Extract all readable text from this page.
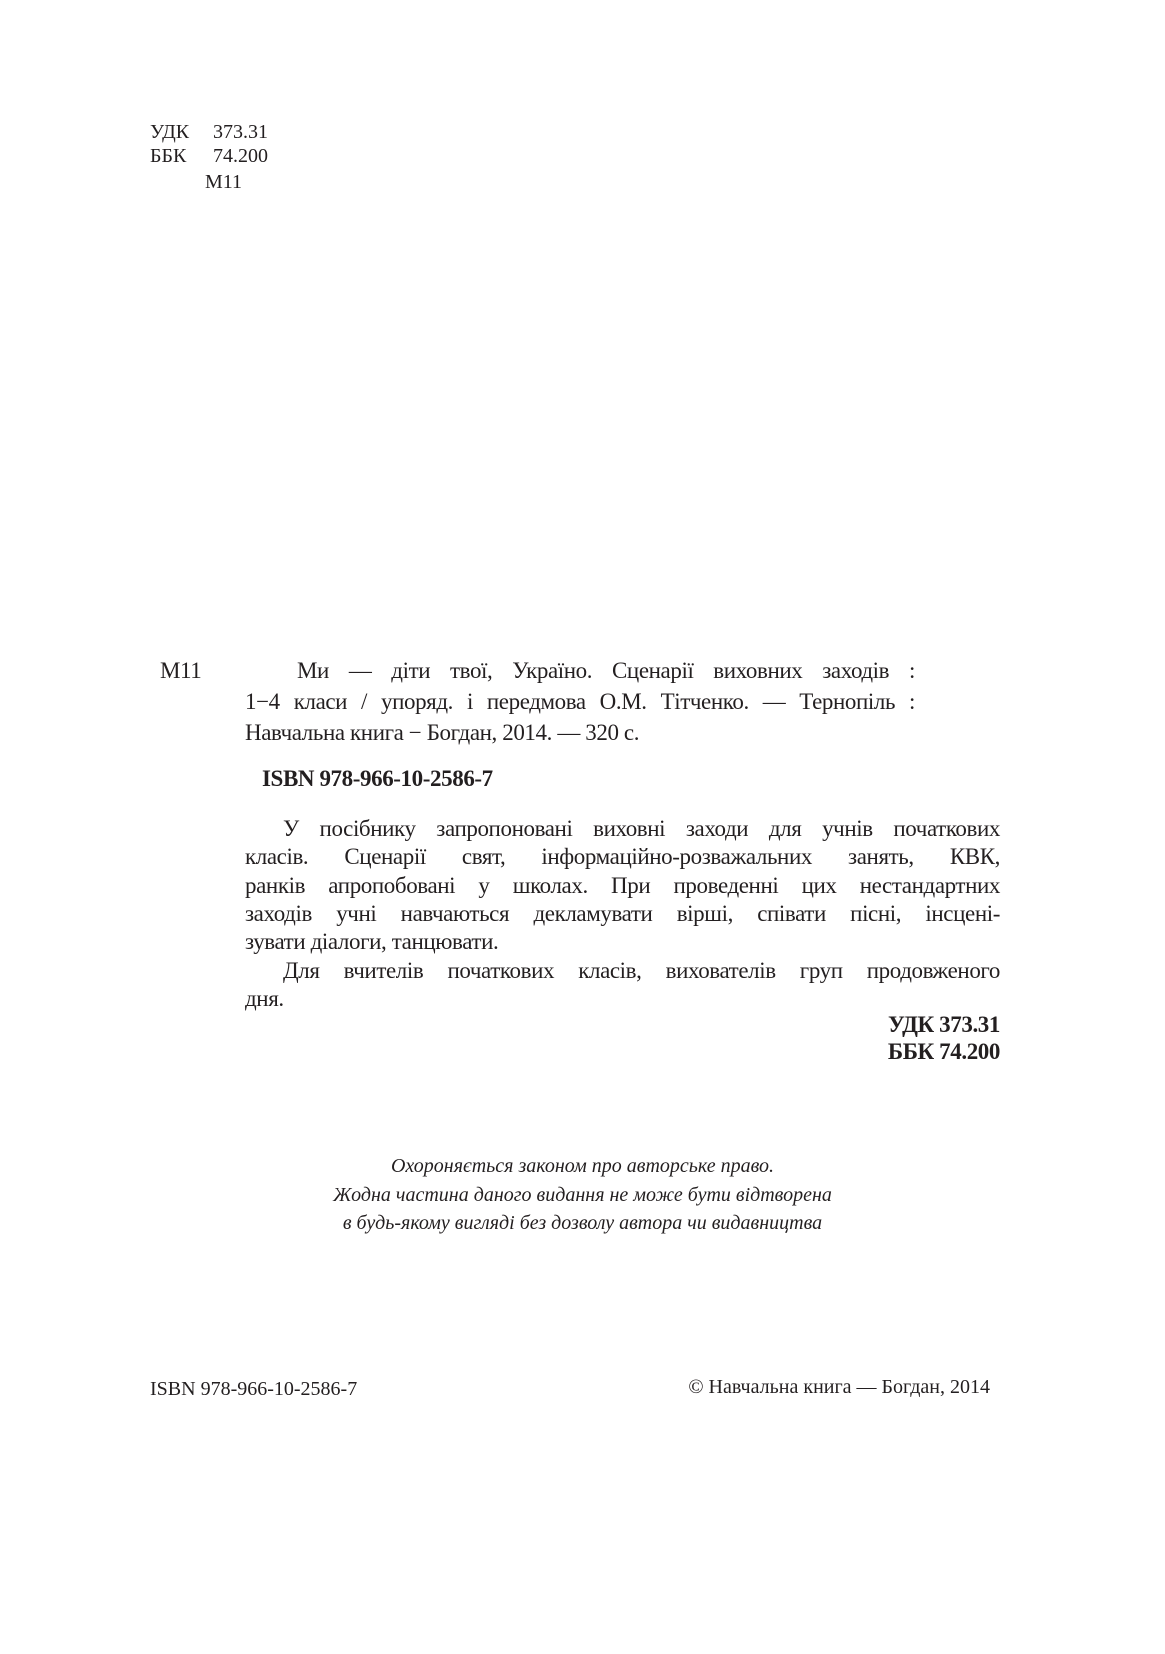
УДК 373.31
ББК 74.200
М11
М11	Ми — діти твої, Україно. Сценарії виховних заходів :
1−4 класи / упоряд. і передмова О.М. Тітченко. — Тернопіль :
Навчальна книга − Богдан, 2014. — 320 с.
ISBN 978-966-10-2586-7
У посібнику запропоновані виховні заходи для учнів початкових
класів. Сценарії свят, інформаційно-розважальних занять, КВК,
ранків апропобовані у школах. При проведенні цих нестандартних
заходів учні навчаються декламувати вірші, співати пісні, інсцені-
зувати діалоги, танцювати.
Для вчителів початкових класів, вихователів груп продовженого
дня.
УДК 373.31
ББК 74.200
Охороняється законом про авторське право.
Жодна частина даного видання не може бути відтворена
в будь-якому вигляді без дозволу автора чи видавництва
ISBN 978-966-10-2586-7	© Навчальна книга — Богдан, 2014
